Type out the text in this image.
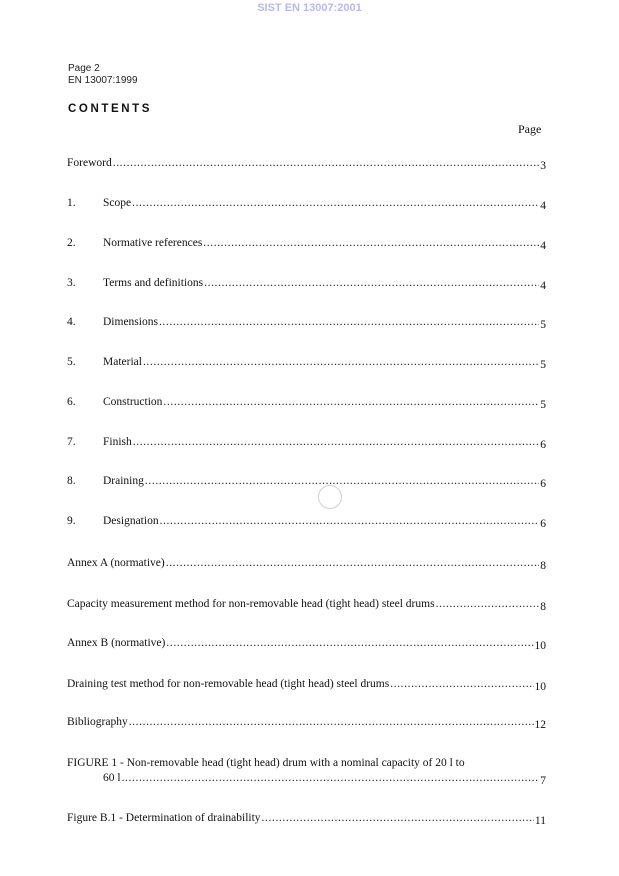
SIST EN 13007:2001
Page 2
EN 13007:1999
CONTENTS
Page
Foreword .....	3
1.	Scope .....	4
2.	Normative references .....	4
3.	Terms and definitions .....	4
4.	Dimensions .....	5
5.	Material .....	5
6.	Construction .....	5
7.	Finish .....	6
8.	Draining .....	6
9.	Designation .....	6
Annex A (normative) .....	8
Capacity measurement method for non-removable head (tight head) steel drums .....	8
Annex B (normative) .....	10
Draining test method for non-removable head (tight head) steel drums .....	10
Bibliography .....	12
FIGURE 1 - Non-removable head (tight head) drum with a nominal capacity of 20 l to
60 l .....	7
Figure B.1 - Determination of drainability .....	11
